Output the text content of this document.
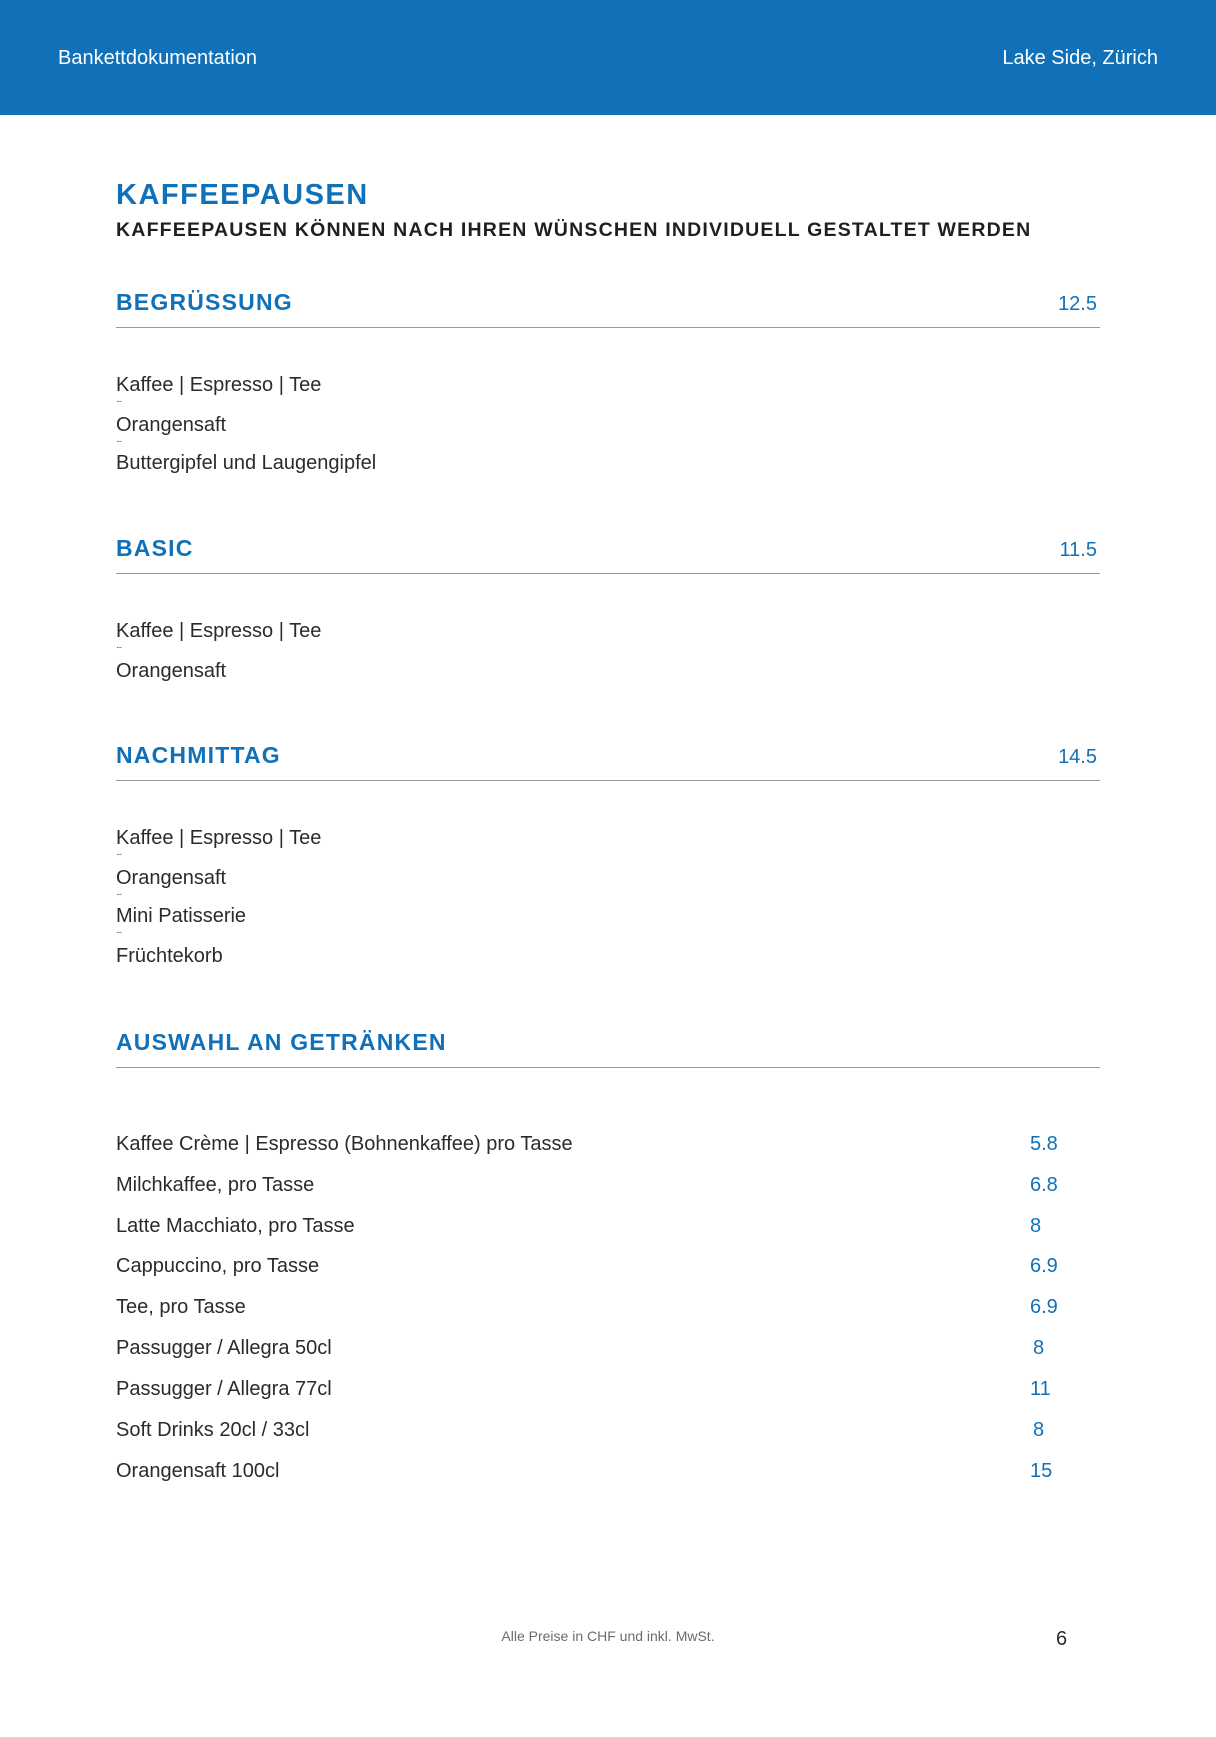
Bankettdokumentation	Lake Side, Zürich
KAFFEEPAUSEN
KAFFEEPAUSEN KÖNNEN NACH IHREN WÜNSCHEN INDIVIDUELL GESTALTET WERDEN
BEGRÜSSUNG	12.5
Kaffee | Espresso | Tee
...
Orangensaft
...
Buttergipfel und Laugengipfel
BASIC	11.5
Kaffee | Espresso | Tee
...
Orangensaft
NACHMITTAG	14.5
Kaffee | Espresso | Tee
...
Orangensaft
...
Mini Patisserie
...
Früchtekorb
AUSWAHL AN GETRÄNKEN
Kaffee Crème | Espresso (Bohnenkaffee) pro Tasse	5.8
Milchkaffee, pro Tasse	6.8
Latte Macchiato, pro Tasse	8
Cappuccino, pro Tasse	6.9
Tee, pro Tasse	6.9
Passugger / Allegra 50cl	8
Passugger / Allegra 77cl	11
Soft Drinks 20cl / 33cl	8
Orangensaft 100cl	15
Alle Preise in CHF und inkl. MwSt.	6
